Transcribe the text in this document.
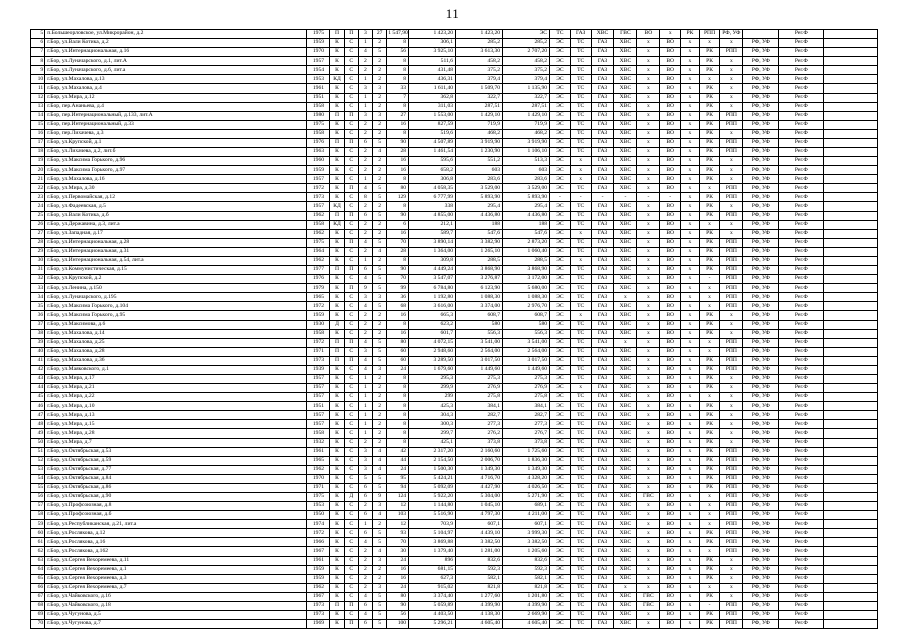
11
5	п.Большеорловское, ул.Микрорайон, д.2	1975	П	П	3	27	1 547,90	1 423,20	1 423,20	ЭС	ТС	ГАЗ	ХВС	ГВС	ВО	х	РК	РПП	РФ, УФ		Рег.Ф	
6	г.Бор, ул.Вали Котика, д.2	1959	К	С	1	2	8	306,1	285,2	285,2	ЭС	ТС	ГАЗ	ХВС	х	ВО	х	х	х	РФ, УФ	Рег.Ф	
7	г.Бор, ул.Интернациональная, д.16	1970	К	С	4	5	56	3 925,10	3 613,30	2 707,20	ЭС	ТС	ГАЗ	ХВС	х	ВО	х	РК	РПП	РФ, УФ	Рег.Ф	
8	г.Бор, ул.Луначарского, д.1, лит.А	1957	К	С	2	2	8	511,6	458,2	458,2	ЭС	ТС	ГАЗ	ХВС	х	ВО	х	РК	х	РФ, УФ	Рег.Ф	
9	г.Бор, ул.Луначарского, д.6, лит.а	1954	К	С	2	2	8	431,48	375,2	375,2	ЭС	ТС	ГАЗ	ХВС	х	ВО	х	РК	х	РФ, УФ	Рег.Ф	
10	г.Бор, ул.Махалова, д.13	1953	КД	С	1	2	8	436,31	379,4	379,4	ЭС	ТС	ГАЗ	ХВС	х	ВО	х	х	х	РФ, УФ	Рег.Ф	
11	г.Бор, ул.Махалова, д.4	1961	К	С	3	3	33	1 611,40	1 509,70	1 135,90	ЭС	ТС	ГАЗ	ХВС	х	ВО	х	РК	х	РФ, УФ	Рег.Ф	
12	г.Бор, ул.Мира, д.12	1951	К	С	1	2	7	362,8	322,7	322,7	ЭС	ТС	ГАЗ	ХВС	х	ВО	х	РК	х	РФ, УФ	Рег.Ф	
13	г.Бор, пер.Ананьева, д.4	1958	К	С	1	2	8	311,03	287,51	287,51	ЭС	ТС	ГАЗ	ХВС	х	ВО	х	РК	х	РФ, УФ	Рег.Ф	
14	г.Бор, пер.Интернациональный, д.133, лит.А	1980	П	П	3	3	27	1 553,00	1 429,10	1 429,10	ЭС	ТС	ГАЗ	ХВС	х	ВО	х	РК	РПП	РФ, УФ	Рег.Ф	
15	г.Бор, пер.Интернациональный, д.33	1975	К	С	2	2	16	827,59	719,9	719,9	ЭС	ТС	ГАЗ	ХВС	х	ВО	х	РК	РПП	РФ, УФ	Рег.Ф	
16	г.Бор, пер.Лихачева, д.3	1958	К	С	2	2	8	519,6	468,2	468,2	ЭС	ТС	ГАЗ	ХВС	х	ВО	х	РК	х	РФ, УФ	Рег.Ф	
17	г.Бор, ул.Крупской, д.1	1976	П	П	6	5	90	4 507,89	3 919,90	3 919,90	ЭС	ТС	ГАЗ	ХВС	х	ВО	х	РК	РПП	РФ, УФ	Рег.Ф	
18	г.Бор, ул.Лихачева, д.2, лит.б	1963	К	С	2	4	28	1 461,54	1 230,90	1 106,10	ЭС	ТС	ГАЗ	ХВС	х	ВО	х	РК	РПП	РФ, УФ	Рег.Ф	
19	г.Бор, ул.Максима Горького, д.96	1960	К	С	2	2	16	595,6	551,2	513,3	ЭС	х	ГАЗ	ХВС	х	ВО	х	РК	х	РФ, УФ	Рег.Ф	
20	г.Бор, ул.Максима Горького, д.97	1959	К	С	2	2	16	658,2	603	603	ЭС	х	ГАЗ	ХВС	х	ВО	х	РК	х	РФ, УФ	Рег.Ф	
21	г.Бор, ул.Махалова, д.16	1957	К	С	1	2	8	306,8	283,6	283,6	ЭС	х	ГАЗ	ХВС	х	ВО	х	РК	х	РФ, УФ	Рег.Ф	
22	г.Бор, ул.Мира, д.30	1972	К	П	4	5	80	4 058,35	3 529,00	3 529,00	ЭС	ТС	ГАЗ	ХВС	х	ВО	х	х	РПП	РФ, УФ	Рег.Ф	
23	г.Бор, ул.Первомайская, д.12	1973	К	С	8	5	129	6 777,99	5 893,90	5 893,90	-	-	-	-	-	-	х	РК	РПП	РФ, УФ	Рег.Ф	
24	г.Бор, ул.Фадеевская, д.5	1957	КД	С	2	2	8	338	295,4	295,4	ЭС	ТС	ГАЗ	ХВС	х	ВО	х	РК	х	РФ, УФ	Рег.Ф	
25	г.Бор, ул.Вали Котика, д.б	1962	П	П	6	5	90	4 855,00	4 436,80	4 436,80	ЭС	ТС	ГАЗ	ХВС	х	ВО	х	РК	РПП	РФ, УФ	Рег.Ф	
26	г.Бор, ул.Державина, д.3, лит.а	1958	КД	С	2	2	6	212,1	188	188	ЭС	ТС	ГАЗ	ХВС	х	ВО	х	х	х	РФ, УФ	Рег.Ф	
27	г.Бор, ул.Западная, д.17	1962	К	С	2	2	16	589,7	547,6	547,6	ЭС	х	ГАЗ	ХВС	х	ВО	х	РК	х	РФ, УФ	Рег.Ф	
28	г.Бор, ул.Интернациональная, д.28	1975	К	П	4	5	70	3 890,14	3 382,90	2 873,20	ЭС	ТС	ГАЗ	ХВС	х	ВО	х	РК	РПП	РФ, УФ	Рег.Ф	
29	г.Бор, ул.Интернациональная, д.31	1964	К	С	2	4	28	1 364,00	1 265,10	1 060,40	ЭС	ТС	ГАЗ	ХВС	х	ВО	х	РК	РПП	РФ, УФ	Рег.Ф	
30	г.Бор, ул.Интернациональная, д.54, лит.а	1962	К	С	1	2	8	309,8	288,5	288,5	ЭС	х	ГАЗ	ХВС	х	ВО	х	РК	РПП	РФ, УФ	Рег.Ф	
31	г.Бор, ул.Коммунистическая, д.15	1977	П	П	6	5	90	4 449,24	3 868,90	3 868,90	ЭС	ТС	ГАЗ	ХВС	х	ВО	х	РК	РПП	РФ, УФ	Рег.Ф	
32	г.Бор, ул.Крупской, д.2	1976	К	С	4	5	70	3 547,07	3 276,87	3 172,00	ЭС	ТС	ГАЗ	ХВС	х	ВО	х	-	РПП	РФ, УФ	Рег.Ф	
33	г.Бор, ул.Ленина, д.150	1979	К	П	9	5	99	6 784,80	6 123,90	5 680,00	ЭС	ТС	ГАЗ	ХВС	х	ВО	х	х	РПП	РФ, УФ	Рег.Ф	
34	г.Бор, ул.Луначарского, д.195	1965	К	С	3	3	36	1 192,80	1 088,30	1 088,30	ЭС	ТС	ГАЗ	х	х	ВО	х	х	РПП	РФ, УФ	Рег.Ф	
35	г.Бор, ул.Максима Горького, д.104	1972	К	С	4	5	68	3 616,00	3 374,00	2 976,70	ЭС	ТС	ГАЗ	ХВС	х	ВО	х	х	РПП	РФ, УФ	Рег.Ф	
36	г.Бор, ул.Максима Горького, д.95	1959	К	С	2	2	16	665,3	608,7	608,7	ЭС	х	ГАЗ	ХВС	х	ВО	х	РК	х	РФ, УФ	Рег.Ф	
37	г.Бор, ул.Максимова, д.6	1930	Д	С	2	2	8	623,2	580	580	ЭС	ТС	ГАЗ	ХВС	х	ВО	х	РК	х	РФ, УФ	Рег.Ф	
38	г.Бор, ул.Махалова, д.14	1958	К	С	2	2	16	601,7	556,3	556,3	ЭС	ТС	ГАЗ	ХВС	х	ВО	х	РК	х	РФ, УФ	Рег.Ф	
39	г.Бор, ул.Махалова, д.25	1972	П	П	4	5	80	4 072,15	3 541,00	3 541,00	ЭС	ТС	ГАЗ	х	х	ВО	х	х	РПП	РФ, УФ	Рег.Ф	
40	г.Бор, ул.Махалова, д.28	1971	П	С	3	5	60	2 948,60	2 564,00	2 564,00	ЭС	ТС	ГАЗ	ХВС	х	ВО	х	х	РПП	РФ, УФ	Рег.Ф	
41	г.Бор, ул.Махалова, д.36	1973	П	П	4	5	60	3 289,50	3 017,50	3 017,50	ЭС	ТС	ГАЗ	ХВС	х	ВО	х	РК	РПП	РФ, УФ	Рег.Ф	
42	г.Бор, ул.Маяковского, д.1	1939	К	С	4	3	24	1 679,60	1 449,60	1 449,60	ЭС	ТС	ГАЗ	ХВС	х	ВО	х	РК	РПП	РФ, УФ	Рег.Ф	
43	г.Бор, ул.Мира, д.17	1957	К	С	1	2	8	295,3	275,3	275,3	ЭС	ТС	ГАЗ	ХВС	х	ВО	х	РК	х	РФ, УФ	Рег.Ф	
44	г.Бор, ул.Мира, д.21	1957	К	С	1	2	8	299,9	276,9	276,9	ЭС	х	ГАЗ	ХВС	х	ВО	х	РК	х	РФ, УФ	Рег.Ф	
45	г.Бор, ул.Мира, д.22	1957	К	С	1	2	8	299	275,8	275,8	ЭС	ТС	ГАЗ	ХВС	х	ВО	х	х	х	РФ, УФ	Рег.Ф	
46	г.Бор, ул.Мира, д.10	1951	К	С	1	2	8	425,3	384,1	384,1	ЭС	ТС	ГАЗ	ХВС	х	ВО	х	РК	х	РФ, УФ	Рег.Ф	
47	г.Бор, ул.Мира, д.13	1957	К	С	1	2	8	304,3	282,7	282,7	ЭС	ТС	ГАЗ	ХВС	х	ВО	х	РК	х	РФ, УФ	Рег.Ф	
48	г.Бор, ул.Мира, д.15	1957	К	С	1	2	8	300,3	277,3	277,3	ЭС	ТС	ГАЗ	ХВС	х	ВО	х	РК	х	РФ, УФ	Рег.Ф	
49	г.Бор, ул.Мира, д.28	1958	К	С	1	2	8	299,7	276,2	276,7	ЭС	ТС	ГАЗ	ХВС	х	ВО	х	РК	х	РФ, УФ	Рег.Ф	
50	г.Бор, ул.Мира, д.7	1932	К	С	2	2	8	425,1	373,8	373,8	ЭС	ТС	ГАЗ	ХВС	х	ВО	х	РК	х	РФ, УФ	Рег.Ф	
51	г.Бор, ул.Октябрьская, д.53	1961	К	С	3	4	42	2 317,20	2 160,60	1 725,60	ЭС	ТС	ГАЗ	ХВС	х	ВО	х	РК	РПП	РФ, УФ	Рег.Ф	
52	г.Бор, ул.Октябрьская, д.59	1965	К	С	3	4	44	2 154,50	2 006,70	1 836,30	ЭС	ТС	ГАЗ	ХВС	х	ВО	х	РК	РПП	РФ, УФ	Рег.Ф	
53	г.Бор, ул.Октябрьская, д.77	1962	К	С	3	4	24	1 500,30	1 349,30	1 349,30	ЭС	ТС	ГАЗ	ХВС	х	ВО	х	РК	РПП	РФ, УФ	Рег.Ф	
54	г.Бор, ул.Октябрьская, д.84	1970	К	С	5	5	95	5 424,21	4 716,70	4 328,20	ЭС	ТС	ГАЗ	ХВС	х	ВО	х	РК	РПП	РФ, УФ	Рег.Ф	
55	г.Бор, ул.Октябрьская, д.86	1971	К	С	6	5	94	5 092,09	4 427,90	4 026,50	ЭС	ТС	ГАЗ	ХВС	х	ВО	х	РК	РПП	РФ, УФ	Рег.Ф	
56	г.Бор, ул.Октябрьская, д.90	1975	К	Д	6	9	124	5 922,20	5 304,00	5 271,90	ЭС	ТС	ГАЗ	ХВС	ГВС	ВО	х	х	РПП	РФ, УФ	Рег.Ф	
57	г.Бор, ул.Профсоюзная, д.8	1953	К	С	2	3	12	1 144,80	1 045,10	689,1	ЭС	ТС	ГАЗ	ХВС	х	ВО	х	х	РПП	РФ, УФ	Рег.Ф	
58	г.Бор, ул.Профсоюзная, д.б	1950	К	С	6	4	103	5 516,90	4 797,30	4 211,00	ЭС	ТС	ГАЗ	ХВС	х	ВО	х	х	РПП	РФ, УФ	Рег.Ф	
59	г.Бор, ул.Республиканская, д.21, лит.а	1974	К	С	1	2	12	703,9	607,1	607,1	ЭС	ТС	ГАЗ	ХВС	х	ВО	х	х	РПП	РФ, УФ	Рег.Ф	
60	г.Бор, ул.Рослякова, д.12	1972	К	С	6	5	93	5 104,97	4 439,10	3 999,30	ЭС	ТС	ГАЗ	ХВС	х	ВО	х	РК	РПП	РФ, УФ	Рег.Ф	
61	г.Бор, ул.Рослякова, д.16	1966	К	С	4	5	70	3 869,88	3 382,50	3 382,50	ЭС	ТС	ГАЗ	ХВС	х	ВО	х	РК	РПП	РФ, УФ	Рег.Ф	
62	г.Бор, ул.Рослякова, д.162	1967	К	С	2	4	30	1 379,40	1 281,00	1 205,60	ЭС	ТС	ГАЗ	ХВС	х	ВО	х	х	РПП	РФ, УФ	Рег.Ф	
63	г.Бор, ул.Сергея Вехоремеева, д.11	1961	К	С	2	3	24	896	832,6	832,6	ЭС	ТС	ГАЗ	ХВС	х	ВО	х	РК	х	РФ, УФ	Рег.Ф	
64	г.Бор, ул.Сергея Вехоремеева, д.1	1959	К	С	2	2	16	681,15	592,3	592,3	ЭС	ТС	ГАЗ	ХВС	х	ВО	х	РК	х	РФ, УФ	Рег.Ф	
65	г.Бор, ул.Сергея Вехоремеева, д.3	1959	К	С	2	2	16	627,3	582,1	582,1	ЭС	ТС	ГАЗ	ХВС	х	ВО	х	РК	х	РФ, УФ	Рег.Ф	
66	г.Бор, ул.Сергея Вехоремеева, д.7	1962	К	С	2	3	24	915,02	821,8	821,8	ЭС	ТС	ГАЗ	х	х	ВО	х	х	х	РФ, УФ	Рег.Ф	
67	г.Бор, ул.Чайковского, д.16	1967	К	С	4	5	80	3 374,40	1 277,60	1 201,80	ЭС	ТС	ГАЗ	ХВС	ГВС	ВО	х	РК	х	РФ, УФ	Рег.Ф	
68	г.Бор, ул.Чайковского, д.18	1973	П	П	6	5	90	5 059,89	4 399,90	4 399,90	ЭС	ТС	ГАЗ	ХВС	ГВС	ВО	х	-	РПП	РФ, УФ	Рег.Ф	
69	г.Бор, ул.Чугунова, д.5	1973	К	С	4	5	56	4 403,50	4 138,30	2 669,90	ЭС	ТС	ГАЗ	ХВС	х	ВО	х	РК	РПП	РФ, УФ	Рег.Ф	
70	г.Бор, ул.Чугунова, д.7	1969	К	П	6	5	100	5 296,21	4 605,40	4 605,40	ЭС	ТС	ГАЗ	ХВС	х	ВО	х	РК	РПП	РФ, УФ	Рег.Ф	
